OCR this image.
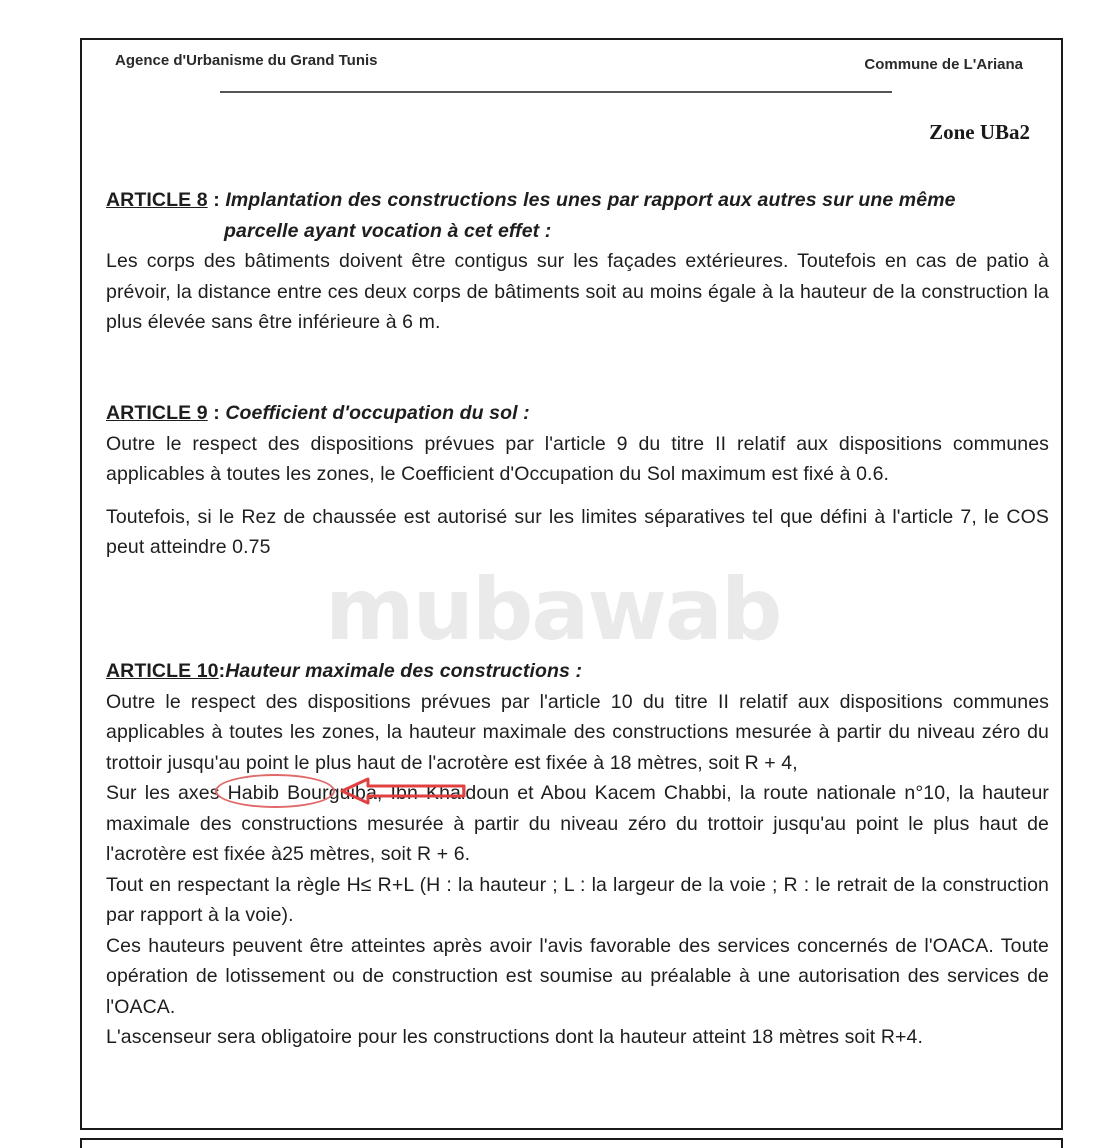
Agence d'Urbanisme du Grand Tunis	Commune de L'Ariana
Zone UBa2
ARTICLE 8 : Implantation des constructions les unes par rapport aux autres sur une même
parcelle ayant vocation à cet effet :

Les corps des bâtiments doivent être contigus sur les façades extérieures. Toutefois en cas de patio à prévoir, la distance entre ces deux corps de bâtiments soit au moins égale à la hauteur de la construction la plus élevée sans être inférieure à 6 m.

ARTICLE 9 : Coefficient d'occupation du sol :

Outre le respect des dispositions prévues par l'article 9 du titre II relatif aux dispositions communes applicables à toutes les zones, le Coefficient d'Occupation du Sol maximum est fixé à 0.6.

Toutefois, si le Rez de chaussée est autorisé sur les limites séparatives tel que défini à l'article 7, le COS peut atteindre 0.75

ARTICLE 10:Hauteur maximale des constructions :

Outre le respect des dispositions prévues par l'article 10 du titre II relatif aux dispositions communes applicables à toutes les zones, la hauteur maximale des constructions mesurée à partir du niveau zéro du trottoir jusqu'au point le plus haut de l'acrotère est fixée à 18 mètres, soit R + 4,

Sur les axes Habib Bourguiba, Ibn Khaldoun et Abou Kacem Chabbi, la route nationale n°10, la hauteur maximale des constructions mesurée à partir du niveau zéro du trottoir jusqu'au point le plus haut de l'acrotère est fixée à25 mètres, soit R + 6.

Tout en respectant la règle H≤ R+L (H : la hauteur ; L : la largeur de la voie ; R : le retrait de la construction par rapport à la voie).

Ces hauteurs peuvent être atteintes après avoir l'avis favorable des services concernés de l'OACA. Toute opération de lotissement ou de construction est soumise au préalable à une autorisation des services de l'OACA.

L'ascenseur sera obligatoire pour les constructions dont la hauteur atteint 18 mètres soit R+4.

mubawab
